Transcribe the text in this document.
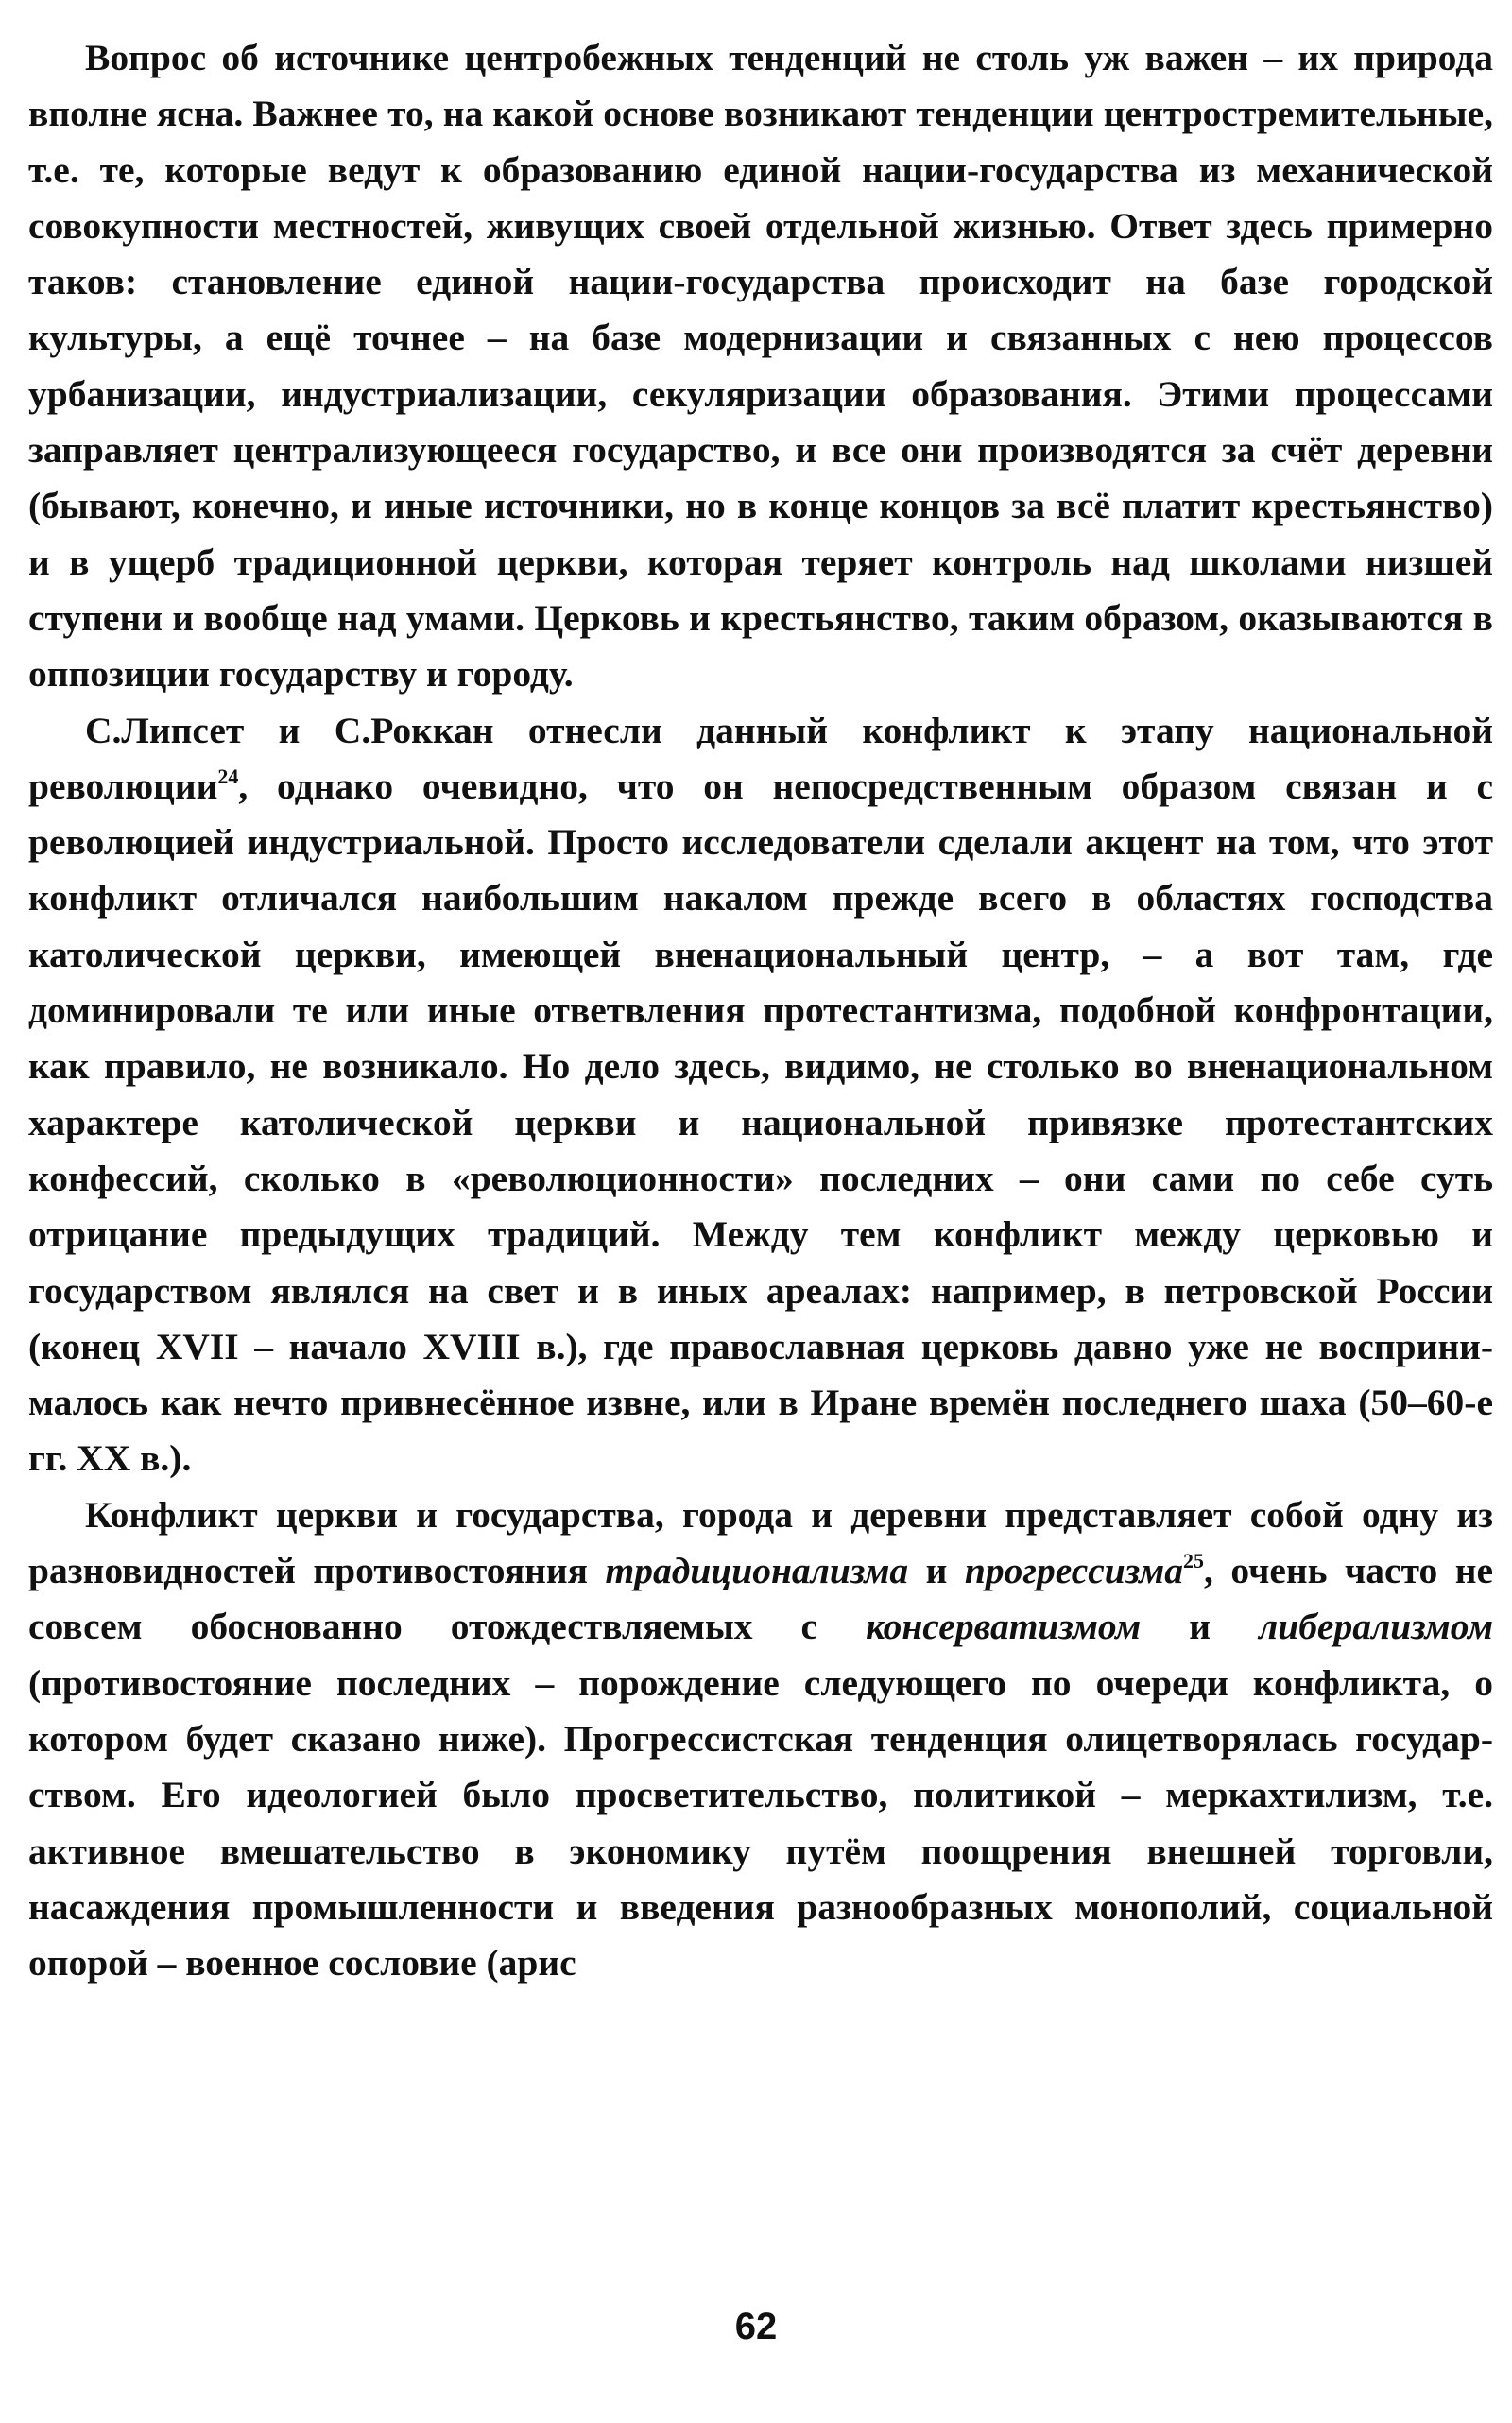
Вопрос об источнике центробежных тенденций не столь уж важен – их природа вполне ясна. Важнее то, на какой основе возникают тенденции центростремительные, т.е. те, которые ведут к образованию единой нации-государства из механической совокупности местностей, живущих своей отдельной жизнью. Ответ здесь примерно таков: становление единой нации-государства происходит на базе городской культуры, а ещё точнее – на базе модернизации и связанных с нею процессов урбанизации, индустриализации, секуляризации образования. Этими процессами заправляет централизующееся государство, и все они производятся за счёт деревни (бывают, конечно, и иные источники, но в конце концов за всё платит крестьянство) и в ущерб традиционной церкви, которая теряет контроль над школами низшей ступени и вообще над умами. Церковь и крестьянство, таким образом, оказываются в оппозиции государству и городу.

С.Липсет и С.Роккан отнесли данный конфликт к этапу национальной революции$^{24}$, однако очевидно, что он непосредственным образом связан и с революцией индустриальной. Просто исследователи сделали акцент на том, что этот конфликт отличался наибольшим накалом прежде всего в областях господства католической церкви, имеющей вненациональный центр, – а вот там, где доминировали те или иные ответвления протестантизма, подобной конфронтации, как правило, не возникало. Но дело здесь, видимо, не столько во вненациональном характере католической церкви и национальной привязке протестантских конфессий, сколько в «революционности» последних – они сами по себе суть отрицание предыдущих традиций. Между тем конфликт между церковью и государством являлся на свет и в иных ареалах: например, в петровской России (конец XVII – начало XVIII в.), где православная церковь давно уже не воспринималось как нечто привнесённое извне, или в Иране времён последнего шаха (50–60-е гг. XX в.).

Конфликт церкви и государства, города и деревни представляет собой одну из разновидностей противостояния традиционализма и прогрессизма$^{25}$, очень часто не совсем обоснованно отождествляемых с консерватизмом и либерализмом (противостояние последних – порождение следующего по очереди конфликта, о котором будет сказано ниже). Прогрессистская тенденция олицетворялась государством. Его идеологией было просветительство, политикой – меркахтилизм, т.е. активное вмешательство в экономику путём поощрения внешней торговли, насаждения промышленности и введения разнообразных монополий, социальной опорой – военное сословие (арис

62
